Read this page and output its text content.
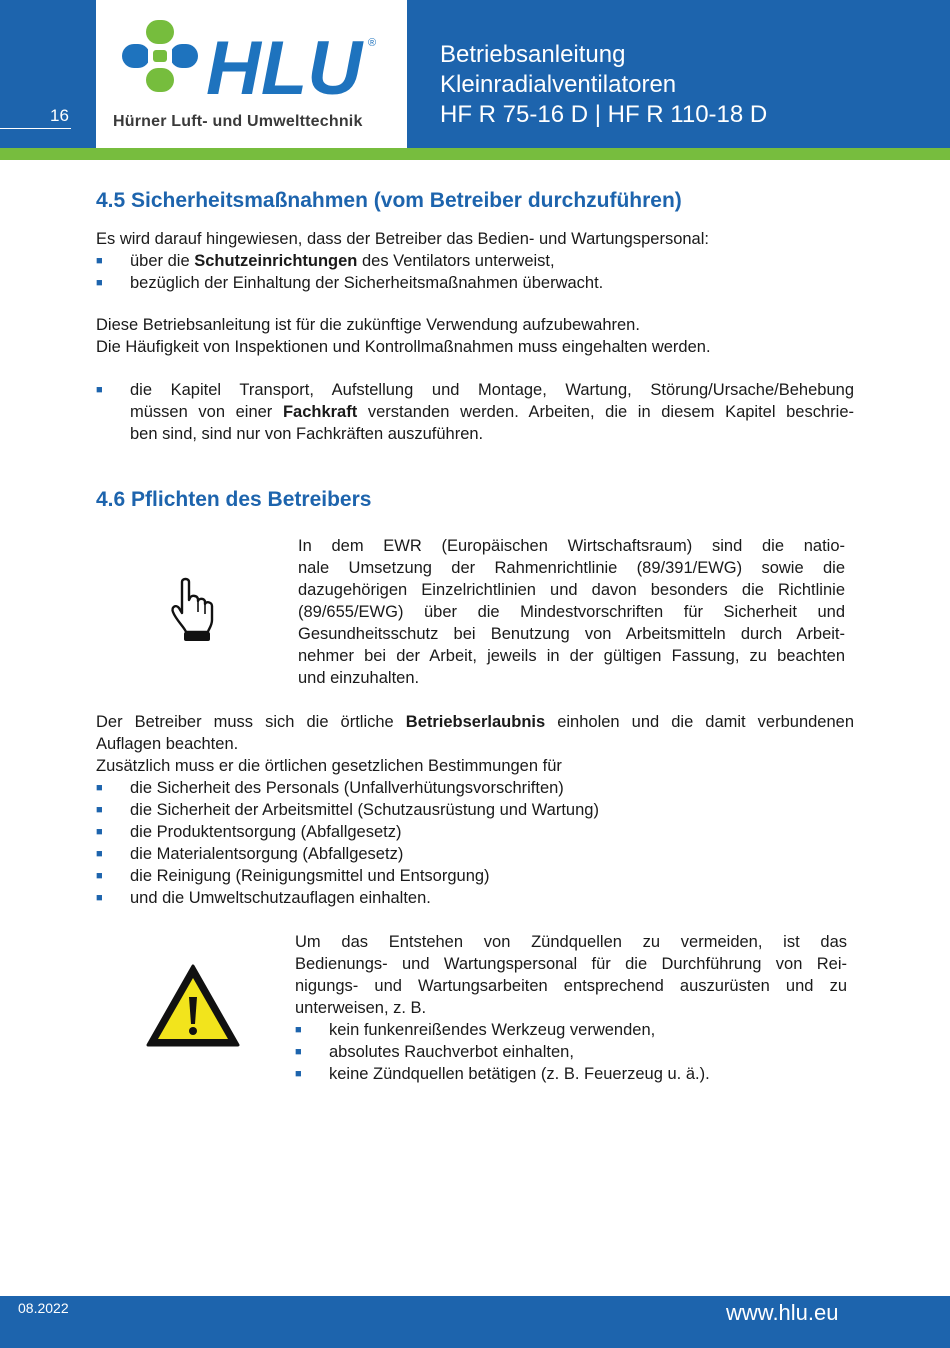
16
HLU ®
Hürner Luft- und Umwelttechnik
Betriebsanleitung
Kleinradialventilatoren
HF R 75-16 D | HF R 110-18 D
4.5 Sicherheitsmaßnahmen (vom Betreiber durchzuführen)
Es wird darauf hingewiesen, dass der Betreiber das Bedien- und Wartungspersonal:
■ über die Schutzeinrichtungen des Ventilators unterweist,
■ bezüglich der Einhaltung der Sicherheitsmaßnahmen überwacht.
Diese Betriebsanleitung ist für die zukünftige Verwendung aufzubewahren.
Die Häufigkeit von Inspektionen und Kontrollmaßnahmen muss eingehalten werden.
■ die Kapitel Transport, Aufstellung und Montage, Wartung, Störung/Ursache/Behebung
müssen von einer Fachkraft verstanden werden. Arbeiten, die in diesem Kapitel beschrie-
ben sind, sind nur von Fachkräften auszuführen.
4.6 Pflichten des Betreibers
In dem EWR (Europäischen Wirtschaftsraum) sind die natio-
nale Umsetzung der Rahmenrichtlinie (89/391/EWG) sowie die
dazugehörigen Einzelrichtlinien und davon besonders die Richtlinie
(89/655/EWG) über die Mindestvorschriften für Sicherheit und
Gesundheitsschutz bei Benutzung von Arbeitsmitteln durch Arbeit-
nehmer bei der Arbeit, jeweils in der gültigen Fassung, zu beachten
und einzuhalten.
Der Betreiber muss sich die örtliche Betriebserlaubnis einholen und die damit verbundenen
Auflagen beachten.
Zusätzlich muss er die örtlichen gesetzlichen Bestimmungen für
■ die Sicherheit des Personals (Unfallverhütungsvorschriften)
■ die Sicherheit der Arbeitsmittel (Schutzausrüstung und Wartung)
■ die Produktentsorgung (Abfallgesetz)
■ die Materialentsorgung (Abfallgesetz)
■ die Reinigung (Reinigungsmittel und Entsorgung)
■ und die Umweltschutzauflagen einhalten.
Um das Entstehen von Zündquellen zu vermeiden, ist das
Bedienungs- und Wartungspersonal für die Durchführung von Rei-
nigungs- und Wartungsarbeiten entsprechend auszurüsten und zu
unterweisen, z. B.
■ kein funkenreißendes Werkzeug verwenden,
■ absolutes Rauchverbot einhalten,
■ keine Zündquellen betätigen (z. B. Feuerzeug u. ä.).
08.2022	www.hlu.eu
